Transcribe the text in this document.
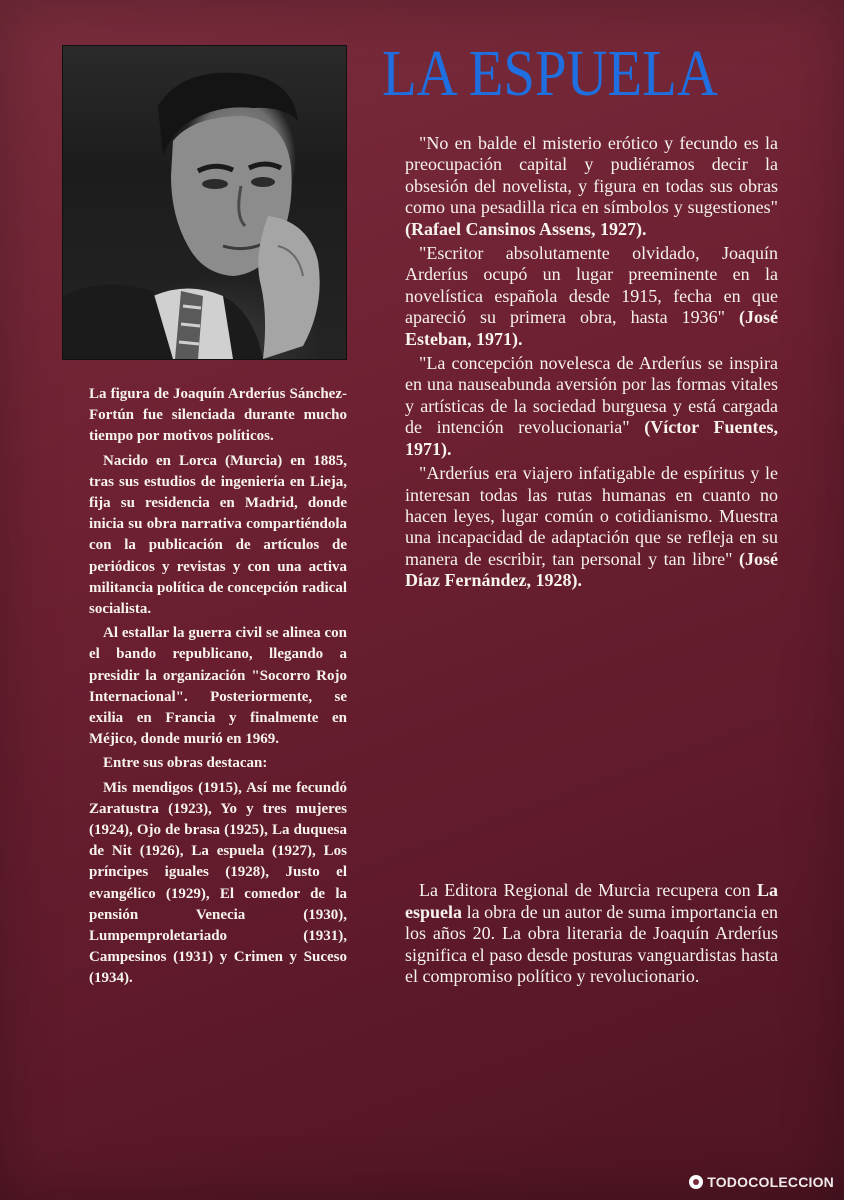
La figura de Joaquín Arderíus Sánchez-Fortún fue silenciada durante mucho tiempo por motivos políticos.

Nacido en Lorca (Murcia) en 1885, tras sus estudios de ingeniería en Lieja, fija su residencia en Madrid, donde inicia su obra narrativa compartiéndola con la publicación de artículos de periódicos y revistas y con una activa militancia política de concepción radical socialista.

Al estallar la guerra civil se alinea con el bando republicano, llegando a presidir la organización "Socorro Rojo Internacional". Posteriormente, se exilia en Francia y finalmente en Méjico, donde murió en 1969.

Entre sus obras destacan:

Mis mendigos (1915), Así me fecundó Zaratustra (1923), Yo y tres mujeres (1924), Ojo de brasa (1925), La duquesa de Nit (1926), La espuela (1927), Los príncipes iguales (1928), Justo el evangélico (1929), El comedor de la pensión Venecia (1930), Lumpemproletariado (1931), Campesinos (1931) y Crimen y Suceso (1934).

LA ESPUELA

"No en balde el misterio erótico y fecundo es la preocupación capital y pudiéramos decir la obsesión del novelista, y figura en todas sus obras como una pesadilla rica en símbolos y sugestiones" (Rafael Cansinos Assens, 1927).

"Escritor absolutamente olvidado, Joaquín Arderíus ocupó un lugar preeminente en la novelística española desde 1915, fecha en que apareció su primera obra, hasta 1936" (José Esteban, 1971).

"La concepción novelesca de Arderíus se inspira en una nauseabunda aversión por las formas vitales y artísticas de la sociedad burguesa y está cargada de intención revolucionaria" (Víctor Fuentes, 1971).

"Arderíus era viajero infatigable de espíritus y le interesan todas las rutas humanas en cuanto no hacen leyes, lugar común o cotidianismo. Muestra una incapacidad de adaptación que se refleja en su manera de escribir, tan personal y tan libre" (José Díaz Fernández, 1928).

La Editora Regional de Murcia recupera con La espuela la obra de un autor de suma importancia en los años 20. La obra literaria de Joaquín Arderíus significa el paso desde posturas vanguardistas hasta el compromiso político y revolucionario.

TODOCOLECCION
